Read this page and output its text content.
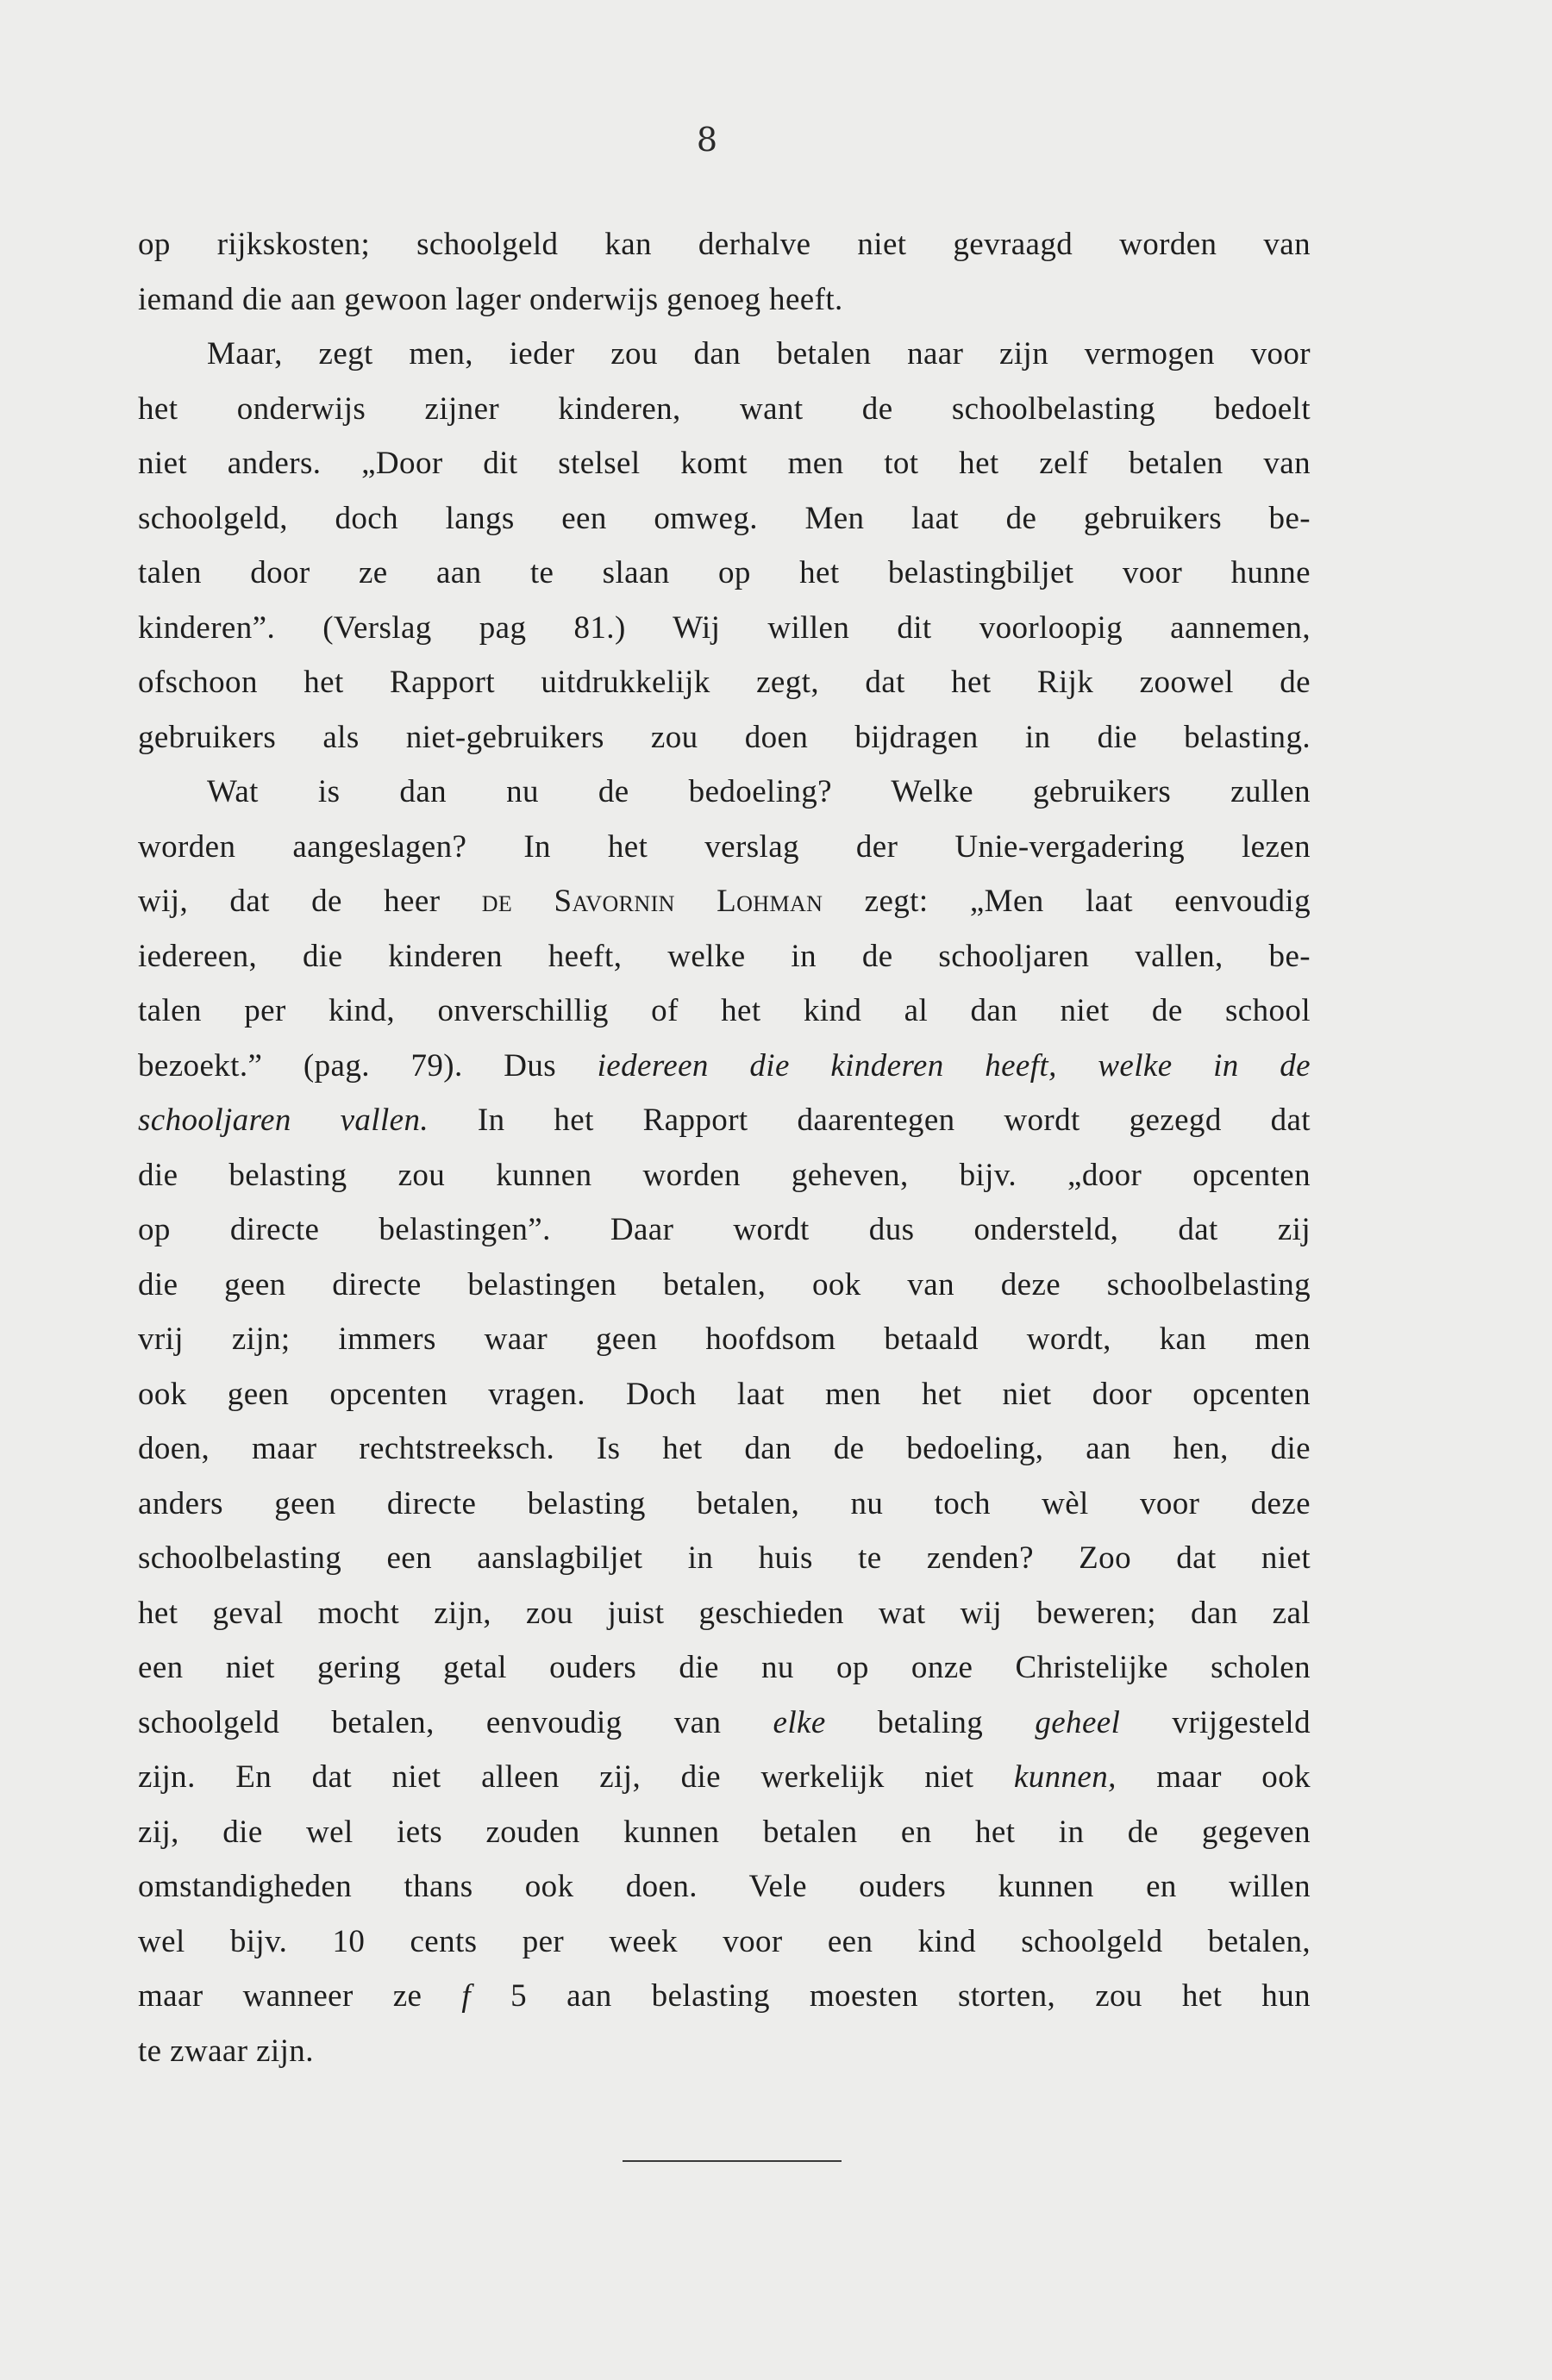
8
op rijkskosten; schoolgeld kan derhalve niet gevraagd worden van
iemand die aan gewoon lager onderwijs genoeg heeft.
Maar, zegt men, ieder zou dan betalen naar zijn vermogen voor
het onderwijs zijner kinderen, want de schoolbelasting bedoelt
niet anders. „Door dit stelsel komt men tot het zelf betalen van
schoolgeld, doch langs een omweg. Men laat de gebruikers be-
talen door ze aan te slaan op het belastingbiljet voor hunne
kinderen”. (Verslag pag 81.) Wij willen dit voorloopig aannemen,
ofschoon het Rapport uitdrukkelijk zegt, dat het Rijk zoowel de
gebruikers als niet-gebruikers zou doen bijdragen in die belasting.
Wat is dan nu de bedoeling? Welke gebruikers zullen
worden aangeslagen? In het verslag der Unie-vergadering lezen
wij, dat de heer de Savornin Lohman zegt: „Men laat eenvoudig
iedereen, die kinderen heeft, welke in de schooljaren vallen, be-
talen per kind, onverschillig of het kind al dan niet de school
bezoekt.” (pag. 79). Dus iedereen die kinderen heeft, welke in de
schooljaren vallen. In het Rapport daarentegen wordt gezegd dat
die belasting zou kunnen worden geheven, bijv. „door opcenten
op directe belastingen”. Daar wordt dus ondersteld, dat zij
die geen directe belastingen betalen, ook van deze schoolbelasting
vrij zijn; immers waar geen hoofdsom betaald wordt, kan men
ook geen opcenten vragen. Doch laat men het niet door opcenten
doen, maar rechtstreeksch. Is het dan de bedoeling, aan hen, die
anders geen directe belasting betalen, nu toch wèl voor deze
schoolbelasting een aanslagbiljet in huis te zenden? Zoo dat niet
het geval mocht zijn, zou juist geschieden wat wij beweren; dan zal
een niet gering getal ouders die nu op onze Christelijke scholen
schoolgeld betalen, eenvoudig van elke betaling geheel vrijgesteld
zijn. En dat niet alleen zij, die werkelijk niet kunnen, maar ook
zij, die wel iets zouden kunnen betalen en het in de gegeven
omstandigheden thans ook doen. Vele ouders kunnen en willen
wel bijv. 10 cents per week voor een kind schoolgeld betalen,
maar wanneer ze f 5 aan belasting moesten storten, zou het hun
te zwaar zijn.
